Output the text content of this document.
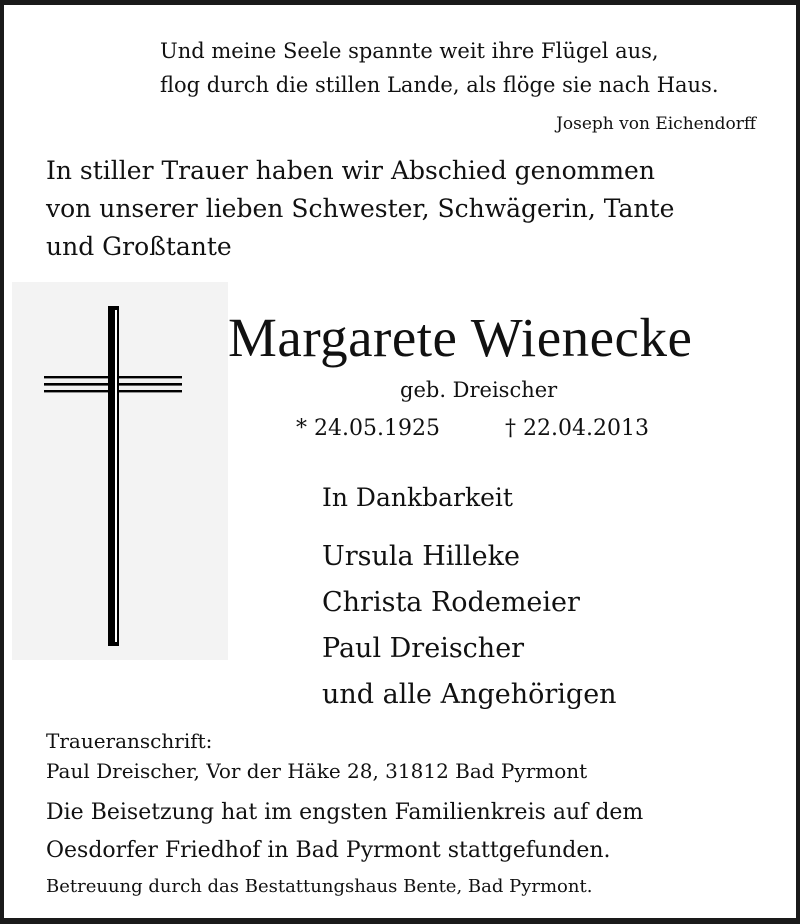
Und meine Seele spannte weit ihre Flügel aus,
flog durch die stillen Lande, als flöge sie nach Haus.
Joseph von Eichendorff
In stiller Trauer haben wir Abschied genommen
von unserer lieben Schwester, Schwägerin, Tante
und Großtante
Margarete Wienecke
geb. Dreischer
* 24.05.1925	† 22.04.2013
In Dankbarkeit
Ursula Hilleke
Christa Rodemeier
Paul Dreischer
und alle Angehörigen
Traueranschrift:
Paul Dreischer, Vor der Häke 28, 31812 Bad Pyrmont
Die Beisetzung hat im engsten Familienkreis auf dem
Oesdorfer Friedhof in Bad Pyrmont stattgefunden.
Betreuung durch das Bestattungshaus Bente, Bad Pyrmont.
